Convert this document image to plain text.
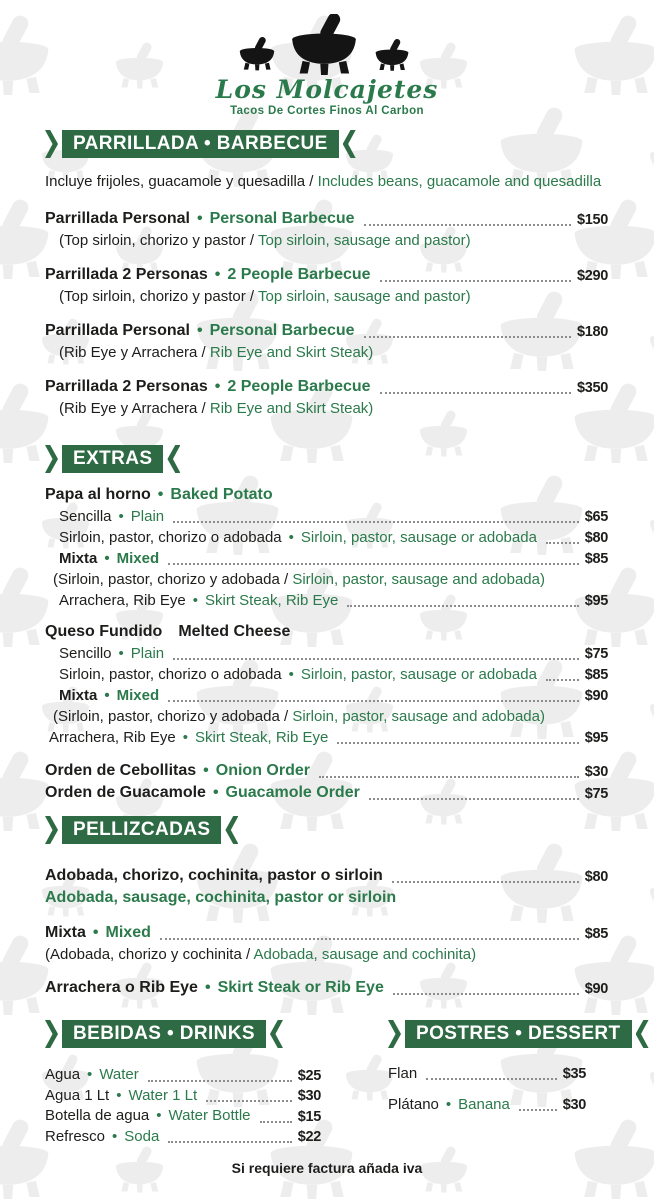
Los Molcajetes
Tacos De Cortes Finos Al Carbon
PARRILLADA • BARBECUE

Incluye frijoles, guacamole y quesadilla / Includes beans, guacamole and quesadilla

Parrillada Personal • Personal Barbecue	$150
(Top sirloin, chorizo y pastor / Top sirloin, sausage and pastor)
Parrillada 2 Personas • 2 People Barbecue	$290
(Top sirloin, chorizo y pastor / Top sirloin, sausage and pastor)
Parrillada Personal • Personal Barbecue	$180
(Rib Eye y Arrachera / Rib Eye and Skirt Steak)
Parrillada 2 Personas • 2 People Barbecue	$350
(Rib Eye y Arrachera / Rib Eye and Skirt Steak)
EXTRAS
Papa al horno • Baked Potato
Sencilla • Plain	$65
Sirloin, pastor, chorizo o adobada • Sirloin, pastor, sausage or adobada	$80
Mixta • Mixed	$85
(Sirloin, pastor, chorizo y adobada / Sirloin, pastor, sausage and adobada)
Arrachera, Rib Eye • Skirt Steak, Rib Eye	$95
Queso Fundido Melted Cheese
Sencillo • Plain	$75
Sirloin, pastor, chorizo o adobada • Sirloin, pastor, sausage or adobada	$85
Mixta • Mixed	$90
(Sirloin, pastor, chorizo y adobada / Sirloin, pastor, sausage and adobada)
Arrachera, Rib Eye • Skirt Steak, Rib Eye	$95
Orden de Cebollitas • Onion Order	$30
Orden de Guacamole • Guacamole Order	$75
PELLIZCADAS
Adobada, chorizo, cochinita, pastor o sirloin	$80
Adobada, sausage, cochinita, pastor or sirloin
Mixta • Mixed	$85
(Adobada, chorizo y cochinita / Adobada, sausage and cochinita)
Arrachera o Rib Eye • Skirt Steak or Rib Eye	$90
BEBIDAS • DRINKS
Agua • Water	$25
Agua 1 Lt • Water 1 Lt	$30
Botella de agua • Water Bottle	$15
Refresco • Soda	$22
POSTRES • DESSERT
Flan	$35
Plátano • Banana	$30
Si requiere factura añada iva
